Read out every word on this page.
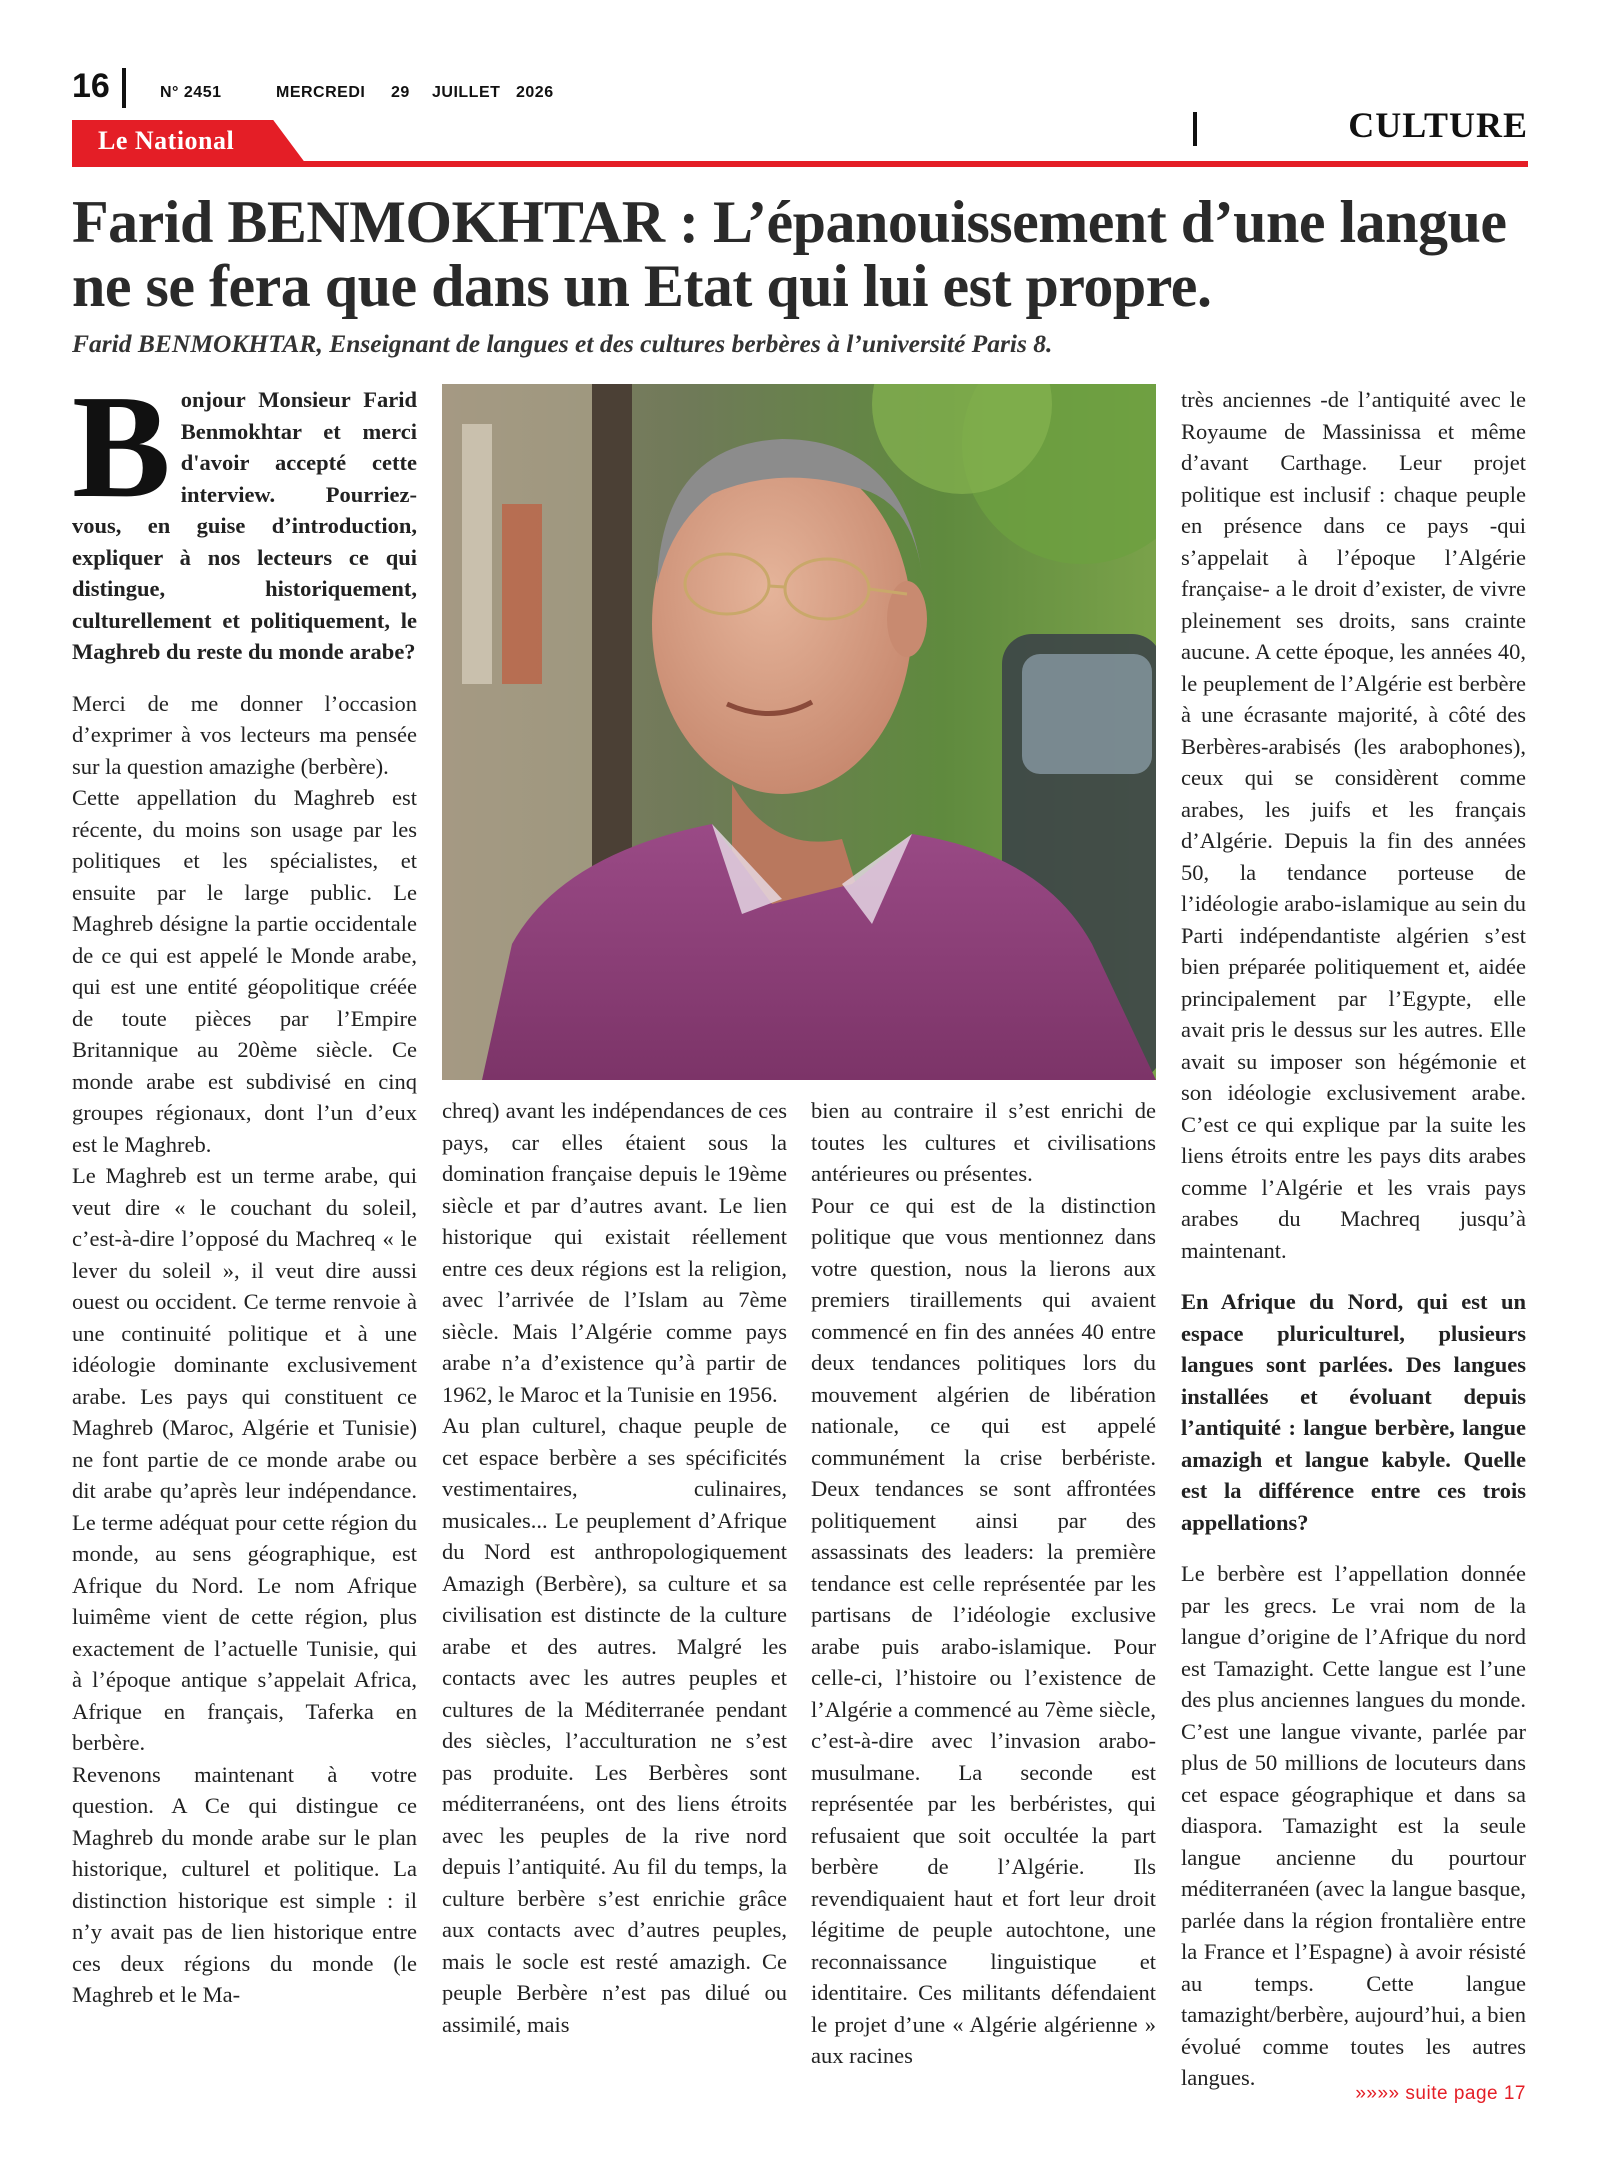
16	N° 2451	MERCREDI 29 JUILLET 2026
Le National	CULTURE
Farid BENMOKHTAR : L’épanouissement d’une langue ne se fera que dans un Etat qui lui est propre.
Farid BENMOKHTAR, Enseignant de langues et des cultures berbères à l’université Paris 8.

Bonjour Monsieur Farid Benmokhtar et merci d'avoir accepté cette interview. Pourriez-vous, en guise d’introduction, expliquer à nos lecteurs ce qui distingue, historiquement, culturellement et politiquement, le Maghreb du reste du monde arabe?

Merci de me donner l’occasion d’exprimer à vos lecteurs ma pensée sur la question amazighe (berbère).

Cette appellation du Maghreb est récente, du moins son usage par les politiques et les spécialistes, et ensuite par le large public. Le Maghreb désigne la partie occidentale de ce qui est appelé le Monde arabe, qui est une entité géopolitique créée de toute pièces par l’Empire Britannique au 20ème siècle. Ce monde arabe est subdivisé en cinq groupes régionaux, dont l’un d’eux est le Maghreb.

Le Maghreb est un terme arabe, qui veut dire « le couchant du soleil, c’est-à-dire l’opposé du Machreq « le lever du soleil », il veut dire aussi ouest ou occident. Ce terme renvoie à une continuité politique et à une idéologie dominante exclusivement arabe. Les pays qui constituent ce Maghreb (Maroc, Algérie et Tunisie) ne font partie de ce monde arabe ou dit arabe qu’après leur indépendance. Le terme adéquat pour cette région du monde, au sens géographique, est Afrique du Nord. Le nom Afrique luimême vient de cette région, plus exactement de l’actuelle Tunisie, qui à l’époque antique s’appelait Africa, Afrique en français, Taferka en berbère.

Revenons maintenant à votre question. A Ce qui distingue ce Maghreb du monde arabe sur le plan historique, culturel et politique. La distinction historique est simple : il n’y avait pas de lien historique entre ces deux régions du monde (le Maghreb et le Ma-

chreq) avant les indépendances de ces pays, car elles étaient sous la domination française depuis le 19ème siècle et par d’autres avant. Le lien historique qui existait réellement entre ces deux régions est la religion, avec l’arrivée de l’Islam au 7ème siècle. Mais l’Algérie comme pays arabe n’a d’existence qu’à partir de 1962, le Maroc et la Tunisie en 1956.

Au plan culturel, chaque peuple de cet espace berbère a ses spécificités vestimentaires, culinaires, musicales... Le peuplement d’Afrique du Nord est anthropologiquement Amazigh (Berbère), sa culture et sa civilisation est distincte de la culture arabe et des autres. Malgré les contacts avec les autres peuples et cultures de la Méditerranée pendant des siècles, l’acculturation ne s’est pas produite. Les Berbères sont méditerranéens, ont des liens étroits avec les peuples de la rive nord depuis l’antiquité. Au fil du temps, la culture berbère s’est enrichie grâce aux contacts avec d’autres peuples, mais le socle est resté amazigh. Ce peuple Berbère n’est pas dilué ou assimilé, mais

bien au contraire il s’est enrichi de toutes les cultures et civilisations antérieures ou présentes.

Pour ce qui est de la distinction politique que vous mentionnez dans votre question, nous la lierons aux premiers tiraillements qui avaient commencé en fin des années 40 entre deux tendances politiques lors du mouvement algérien de libération nationale, ce qui est appelé communément la crise berbériste. Deux tendances se sont affrontées politiquement ainsi par des assassinats des leaders: la première tendance est celle représentée par les partisans de l’idéologie exclusive arabe puis arabo-islamique. Pour celle-ci, l’histoire ou l’existence de l’Algérie a commencé au 7ème siècle, c’est-à-dire avec l’invasion arabo-musulmane. La seconde est représentée par les berbéristes, qui refusaient que soit occultée la part berbère de l’Algérie. Ils revendiquaient haut et fort leur droit légitime de peuple autochtone, une reconnaissance linguistique et identitaire. Ces militants défendaient le projet d’une « Algérie algérienne » aux racines

très anciennes -de l’antiquité avec le Royaume de Massinissa et même d’avant Carthage. Leur projet politique est inclusif : chaque peuple en présence dans ce pays -qui s’appelait à l’époque l’Algérie française- a le droit d’exister, de vivre pleinement ses droits, sans crainte aucune. A cette époque, les années 40, le peuplement de l’Algérie est berbère à une écrasante majorité, à côté des Berbères-arabisés (les arabophones), ceux qui se considèrent comme arabes, les juifs et les français d’Algérie. Depuis la fin des années 50, la tendance porteuse de l’idéologie arabo-islamique au sein du Parti indépendantiste algérien s’est bien préparée politiquement et, aidée principalement par l’Egypte, elle avait pris le dessus sur les autres. Elle avait su imposer son hégémonie et son idéologie exclusivement arabe. C’est ce qui explique par la suite les liens étroits entre les pays dits arabes comme l’Algérie et les vrais pays arabes du Machreq jusqu’à maintenant.

En Afrique du Nord, qui est un espace pluriculturel, plusieurs langues sont parlées. Des langues installées et évoluant depuis l’antiquité : langue berbère, langue amazigh et langue kabyle. Quelle est la différence entre ces trois appellations?

Le berbère est l’appellation donnée par les grecs. Le vrai nom de la langue d’origine de l’Afrique du nord est Tamazight. Cette langue est l’une des plus anciennes langues du monde. C’est une langue vivante, parlée par plus de 50 millions de locuteurs dans cet espace géographique et dans sa diaspora. Tamazight est la seule langue ancienne du pourtour méditerranéen (avec la langue basque, parlée dans la région frontalière entre la France et l’Espagne) à avoir résisté au temps. Cette langue tamazight/berbère, aujourd’hui, a bien évolué comme toutes les autres langues.

»»»» suite page 17
